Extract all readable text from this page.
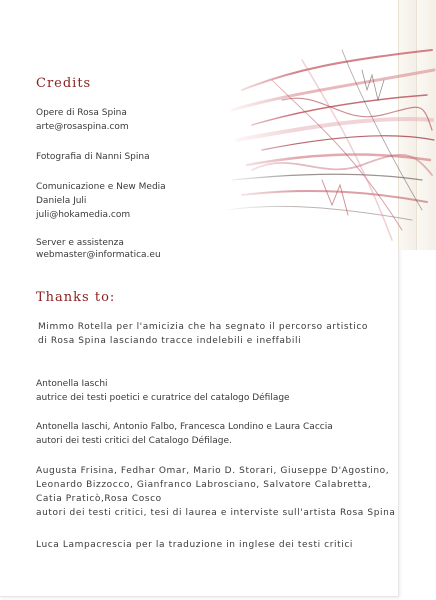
Credits
Opere di Rosa Spina
arte@rosaspina.com
Fotografia di Nanni Spina
Comunicazione e New Media
Daniela Juli
juli@hokamedia.com
Server e assistenza
webmaster@informatica.eu
Thanks to:
Mimmo Rotella per l'amicizia che ha segnato il percorso artistico
di Rosa Spina lasciando tracce indelebili e ineffabili
Antonella Iaschi
autrice dei testi poetici e curatrice del catalogo Défilage
Antonella Iaschi, Antonio Falbo, Francesca Londino e Laura Caccia
autori dei testi critici del Catalogo Défilage.
Augusta Frisina, Fedhar Omar, Mario D. Storari, Giuseppe D'Agostino,
Leonardo Bizzocco, Gianfranco Labrosciano, Salvatore Calabretta,
Catia Praticò,Rosa Cosco
autori dei testi critici, tesi di laurea e interviste sull'artista Rosa Spina
Luca Lampacrescia per la traduzione in inglese dei testi critici
